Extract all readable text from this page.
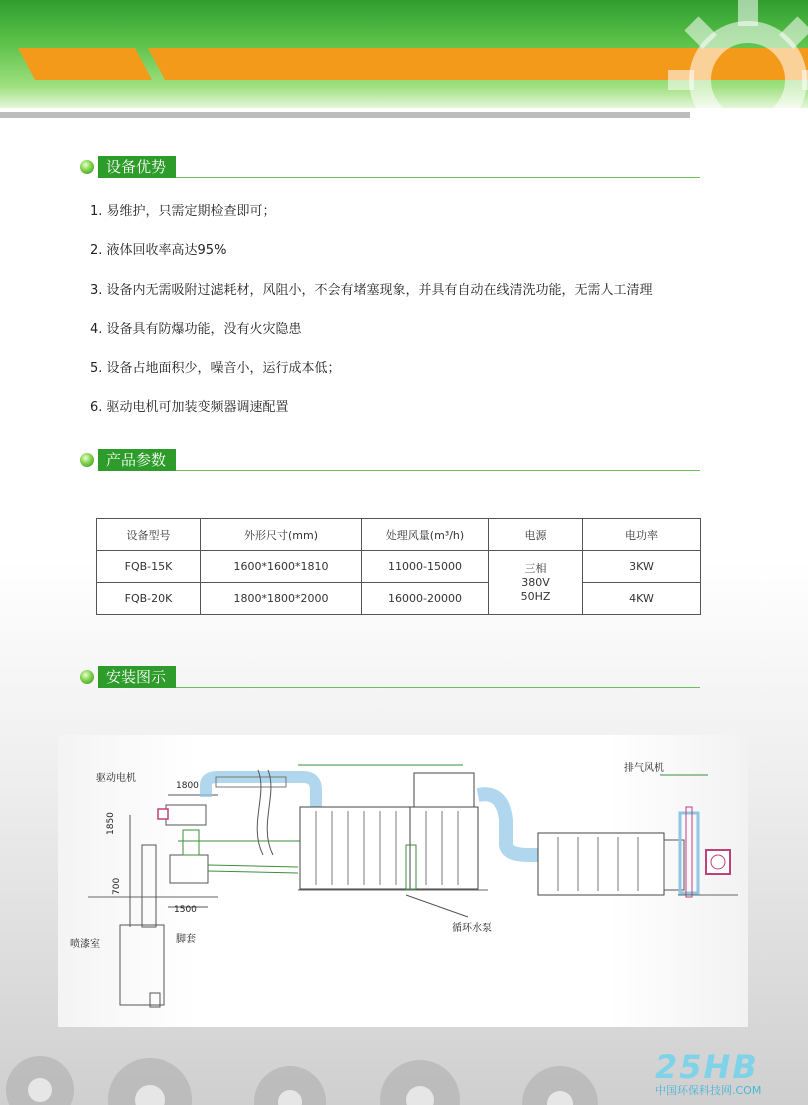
设备优势
1. 易维护，只需定期检查即可；
2. 液体回收率高达95%
3. 设备内无需吸附过滤耗材，风阻小，不会有堵塞现象，并具有自动在线清洗功能，无需人工清理
4. 设备具有防爆功能，没有火灾隐患
5. 设备占地面积少，噪音小，运行成本低；
6. 驱动电机可加装变频器调速配置
产品参数
设备型号	外形尺寸(mm)	处理风量(m³/h)	电源	电功率
FQB-15K	1600*1600*1810	11000-15000	三相
380V
50HZ	3KW
FQB-20K	1800*1800*2000	16000-20000		4KW
安装图示
驱动电机
1800
1850
700
1500
脚套
喷漆室
循环水泵
排气风机
25HB
中国环保科技网.COM
